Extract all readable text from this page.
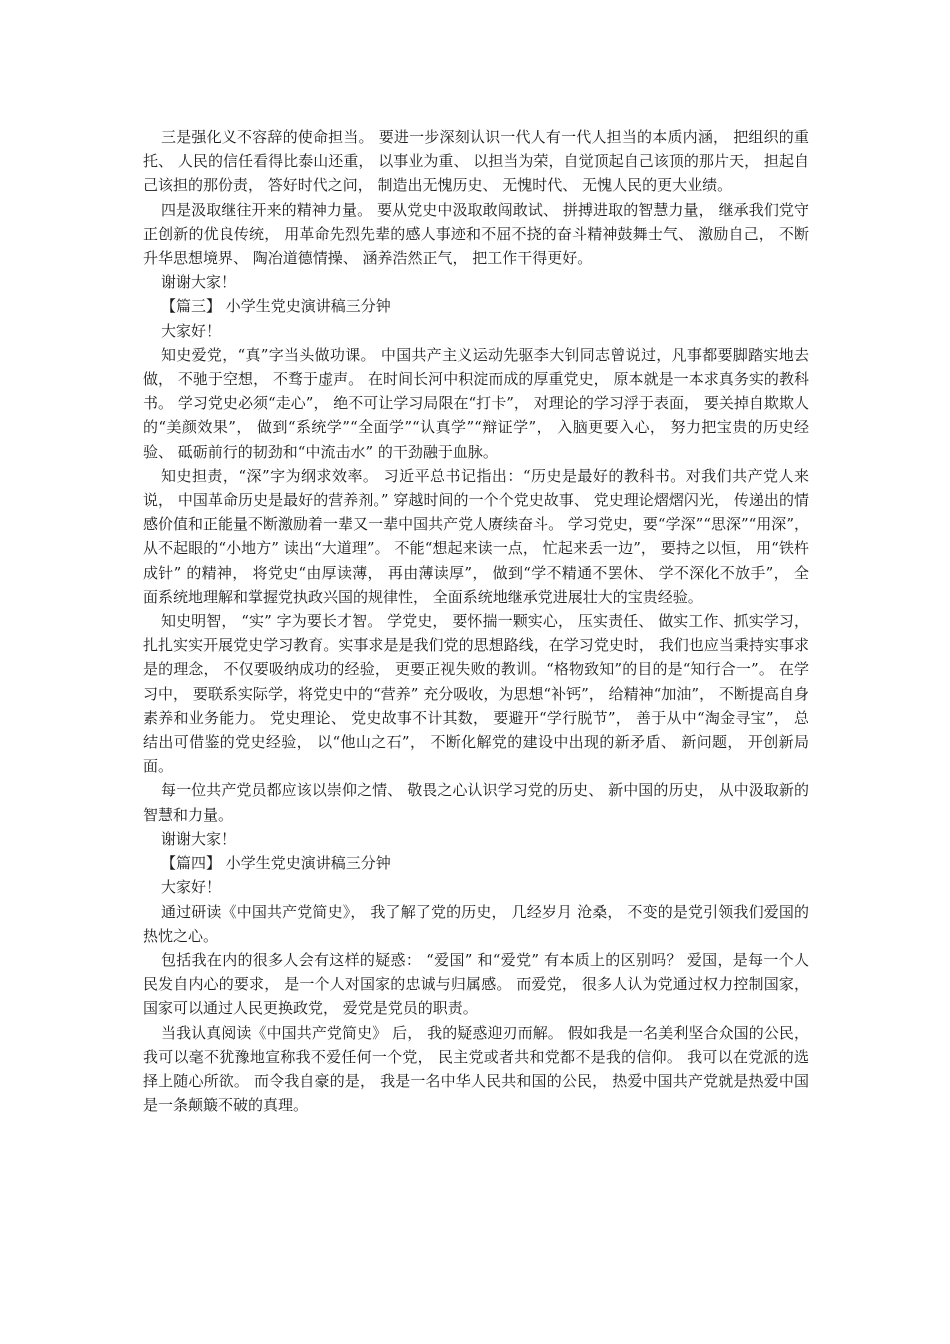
三是强化义不容辞的使命担当。 要进一步深刻认识一代人有一代人担当的本质内涵， 把组织的重托、 人民的信任看得比泰山还重， 以事业为重、 以担当为荣，自觉顶起自己该顶的那片天， 担起自己该担的那份责， 答好时代之问， 制造出无愧历史、 无愧时代、 无愧人民的更大业绩。

四是汲取继往开来的精神力量。 要从党史中汲取敢闯敢试、 拼搏进取的智慧力量， 继承我们党守正创新的优良传统， 用革命先烈先辈的感人事迹和不屈不挠的奋斗精神鼓舞士气、 激励自己， 不断升华思想境界、 陶冶道德情操、 涵养浩然正气， 把工作干得更好。

谢谢大家！

【篇三】 小学生党史演讲稿三分钟

大家好！

知史爱党，“真”字当头做功课。 中国共产主义运动先驱李大钊同志曾说过，凡事都要脚踏实地去做， 不驰于空想， 不骛于虚声。 在时间长河中积淀而成的厚重党史， 原本就是一本求真务实的教科书。 学习党史必须“走心”， 绝不可让学习局限在“打卡”， 对理论的学习浮于表面， 要关掉自欺欺人的“美颜效果”， 做到“系统学”“全面学”“认真学”“辩证学”， 入脑更要入心， 努力把宝贵的历史经验、 砥砺前行的韧劲和“中流击水” 的干劲融于血脉。

知史担责，“深”字为纲求效率。 习近平总书记指出：“历史是最好的教科书。对我们共产党人来说， 中国革命历史是最好的营养剂。” 穿越时间的一个个党史故事、 党史理论熠熠闪光， 传递出的情感价值和正能量不断激励着一辈又一辈中国共产党人赓续奋斗。 学习党史，要“学深”“思深”“用深”， 从不起眼的“小地方” 读出“大道理”。 不能“想起来读一点， 忙起来丢一边”， 要持之以恒， 用“铁杵成针” 的精神， 将党史“由厚读薄， 再由薄读厚”， 做到“学不精通不罢休、 学不深化不放手”， 全面系统地理解和掌握党执政兴国的规律性， 全面系统地继承党进展壮大的宝贵经验。

知史明智， “实” 字为要长才智。 学党史， 要怀揣一颗实心， 压实责任、 做实工作、抓实学习， 扎扎实实开展党史学习教育。实事求是是我们党的思想路线，在学习党史时， 我们也应当秉持实事求是的理念， 不仅要吸纳成功的经验， 更要正视失败的教训。“格物致知”的目的是“知行合一”。 在学习中， 要联系实际学，将党史中的“营养” 充分吸收，为思想“补钙”， 给精神“加油”， 不断提高自身素养和业务能力。 党史理论、 党史故事不计其数， 要避开“学行脱节”， 善于从中“淘金寻宝”， 总结出可借鉴的党史经验， 以“他山之石”， 不断化解党的建设中出现的新矛盾、 新问题， 开创新局面。

每一位共产党员都应该以崇仰之情、 敬畏之心认识学习党的历史、 新中国的历史， 从中汲取新的智慧和力量。

谢谢大家！

【篇四】 小学生党史演讲稿三分钟

大家好！

通过研读《中国共产党简史》， 我了解了党的历史， 几经岁月 沧桑， 不变的是党引领我们爱国的热忱之心。

包括我在内的很多人会有这样的疑惑： “爱国” 和“爱党” 有本质上的区别吗？ 爱国，是每一个人民发自内心的要求， 是一个人对国家的忠诚与归属感。 而爱党， 很多人认为党通过权力控制国家， 国家可以通过人民更换政党， 爱党是党员的职责。

当我认真阅读《中国共产党简史》 后， 我的疑惑迎刃而解。 假如我是一名美利坚合众国的公民， 我可以毫不犹豫地宣称我不爱任何一个党， 民主党或者共和党都不是我的信仰。 我可以在党派的选择上随心所欲。 而令我自豪的是， 我是一名中华人民共和国的公民， 热爱中国共产党就是热爱中国是一条颠簸不破的真理。
